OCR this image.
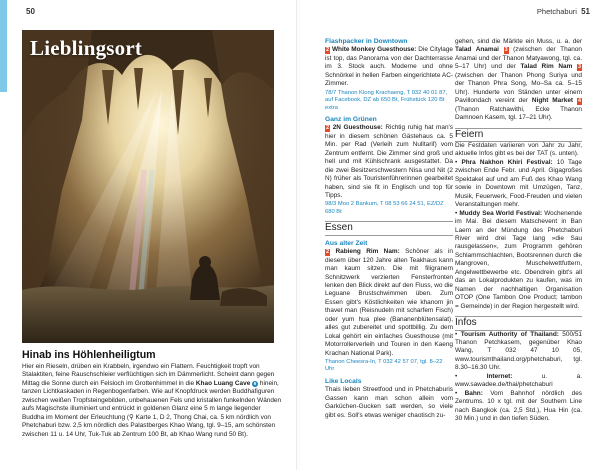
50
Lieblingsort
Hinab ins Höhlenheiligtum
Hier ein Rieseln, drüben ein Krabbeln, irgendwo ein Flattern. Feuchtigkeit tropft von Stalaktiten, feine Rauschschleier verflüchtigen sich im Dämmerlicht. Scheint dann gegen Mittag die Sonne durch ein Felsloch im Grottenhimmel in die Khao Luang Cave 6 hinein, tanzen Lichtkaskaden in Regenbogenfarben. Wie auf Knopfdruck werden Buddhafiguren zwischen weißen Tropfsteingebilden, unbehauenen Fels und kristallen funkelnden Wänden aufs Magischste illuminiert und entrückt in goldenen Glanz eine 5 m lange liegender Buddha im Moment der Erleuchtung (⚲ Karte 1, D 2, Thong Chai, ca. 5 km nördlich von Phetchaburi bzw. 2,5 km nördlich des Palastberges Khao Wang, tgl. 9–15, am schönsten zwischen 11 u. 14 Uhr, Tuk-Tuk ab Zentrum 100 Bt, ab Khao Wang rund 50 Bt).
Phetchaburi 51
Flashpacker in Downtown
2 White Monkey Guesthouse: Die Citylage ist top, das Panorama von der Dachterrasse im 3. Stock auch. Moderne und ohne Schnörkel in hellen Farben eingerichtete AC-Zimmer.
78/7 Thanon Klong Krachaeng, T 032 40 01 87, auf Facebook, DZ ab 650 Bt, Frühstück 120 Bt extra
Ganz im Grünen
2 2N Guesthouse: Richtig ruhig hat man's hier in diesem schönen Gästehaus ca. 5 Min. per Rad (Verleih zum Nulltarif) vom Zentrum entfernt. Die Zimmer sind groß und hell und mit Kühlschrank ausgestattet. Da die zwei Besitzerschwestern Nisa und Nit (2 N) früher als Touristenführerinnen gearbeitet haben, sind sie fit in Englisch und top für Tipps.
98/3 Moo 2 Bankum, T 08 53 66 24 51, EZ/DZ 680 Bt
Essen
Aus alter Zeit
2 Rabieng Rim Nam: Schöner als in diesem über 120 Jahre alten Teakhaus kann man kaum sitzen. Die mit filigranem Schnitzwerk verzierten Fensterfronten lenken den Blick direkt auf den Fluss, wo die Leguane Brustschwimmen üben. Zum Essen gibt's Köstlichkeiten wie khanom jin thavet man (Reisnudeln mit scharfem Fisch) oder yum hua plee (Bananenblütensalat), alles gut zubereitet und spottbillig. Zu dem Lokal gehört ein einfaches Guesthouse (mit Motorrollerverleih und Touren in den Kaeng Krachan National Park).
Thanon Cheesra-In, T 032 42 57 07, tgl. 8–22 Uhr
Like Locals
Thais lieben Streetfood und in Phetchaburis Gassen kann man schon allein vom Garküchen-Gucken satt werden, so viele gibt es. Soll's etwas weniger chaotisch zu-
gehen, sind die Märkte ein Muss, u. a. der Talad Anamai 3 (zwischen der Thanon Anamai und der Thanon Matyawong, tgl. ca. 5–17 Uhr) und der Talad Rim Nam 3 (zwischen der Thanon Phong Suriya und der Thanon Phra Song, Mo–Sa ca. 5–15 Uhr). Hunderte von Ständen unter einem Pavillondach vereint der Night Market 4 (Thanon Ratchawithi, Ecke Thanon Damnoen Kasem, tgl. 17–21 Uhr).
Feiern
Die Festdaten variieren von Jahr zu Jahr, aktuelle Infos gibt es bei der TAT (s. unten).
• Phra Nakhon Khiri Festival: 10 Tage zwischen Ende Febr. und April. Gigagroßes Spektakel auf und am Fuß des Khao Wang sowie in Downtown mit Umzügen, Tanz, Musik, Feuerwerk, Food-Freuden und vielen Veranstaltungen mehr.
• Muddy Sea World Festival: Wochenende im Mai. Bei diesem Matschevent in Ban Laem an der Mündung des Phetchaburi River wird drei Tage lang »die Sau rausgelassen«, zum Programm gehören Schlammschlachten, Bootsrennen durch die Mangroven, Muschelwettfuttern, Angelwettbewerbe etc. Obendrein gibt's all das an Lokalprodukten zu kaufen, was im Namen der nachhaltigen Organisation OTOP (One Tambon One Product; tambon = Gemeinde) in der Region hergestellt wird.
Infos
• Tourism Authority of Thailand: 500/51 Thanon Petchkasem, gegenüber Khao Wang, T 032 47 10 05, www.tourismthailand.org/phetchaburi, tgl. 8.30–16.30 Uhr.
•	Internet: u. a. www.sawadee.de/thai/phetchaburi
• Bahn: Vom Bahnhof nördlich des Zentrums. 10 x tgl. mit der Southern Line nach Bangkok (ca. 2,5 Std.), Hua Hin (ca. 30 Min.) und in den tiefen Süden.
